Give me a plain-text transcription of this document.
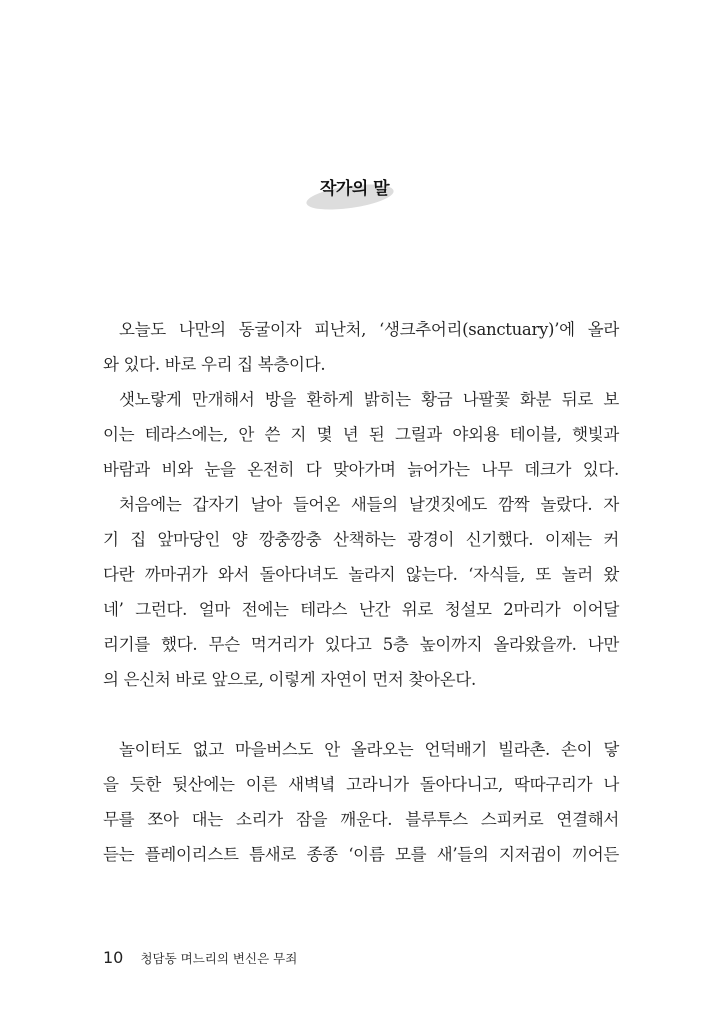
작가의 말
오늘도 나만의 동굴이자 피난처, ‘생크추어리(sanctuary)’에 올라
와 있다. 바로 우리 집 복층이다.
샛노랗게 만개해서 방을 환하게 밝히는 황금 나팔꽃 화분 뒤로 보
이는 테라스에는, 안 쓴 지 몇 년 된 그릴과 야외용 테이블, 햇빛과
바람과 비와 눈을 온전히 다 맞아가며 늙어가는 나무 데크가 있다.
처음에는 갑자기 날아 들어온 새들의 날갯짓에도 깜짝 놀랐다. 자
기 집 앞마당인 양 깡충깡충 산책하는 광경이 신기했다. 이제는 커
다란 까마귀가 와서 돌아다녀도 놀라지 않는다. ‘자식들, 또 놀러 왔
네’ 그런다. 얼마 전에는 테라스 난간 위로 청설모 2마리가 이어달
리기를 했다. 무슨 먹거리가 있다고 5층 높이까지 올라왔을까. 나만
의 은신처 바로 앞으로, 이렇게 자연이 먼저 찾아온다.
놀이터도 없고 마을버스도 안 올라오는 언덕배기 빌라촌. 손이 닿
을 듯한 뒷산에는 이른 새벽녘 고라니가 돌아다니고, 딱따구리가 나
무를 쪼아 대는 소리가 잠을 깨운다. 블루투스 스피커로 연결해서
듣는 플레이리스트 틈새로 종종 ‘이름 모를 새’들의 지저귐이 끼어든
10 청담동 며느리의 변신은 무죄
